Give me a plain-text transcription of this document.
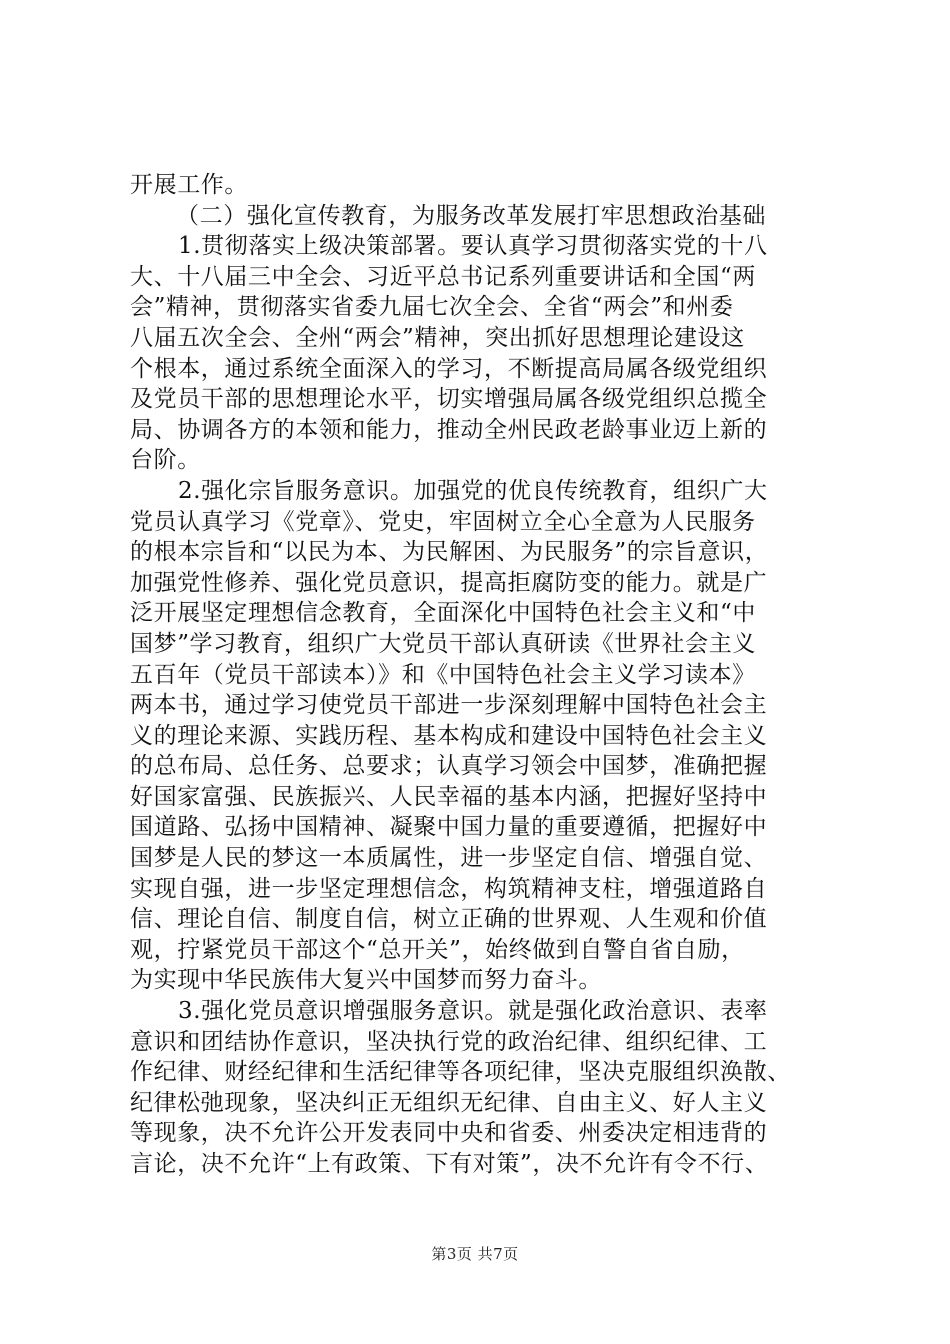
开展工作。
（二）强化宣传教育，为服务改革发展打牢思想政治基础
1.贯彻落实上级决策部署。要认真学习贯彻落实党的十八
大、十八届三中全会、习近平总书记系列重要讲话和全国“两
会”精神，贯彻落实省委九届七次全会、全省“两会”和州委
八届五次全会、全州“两会”精神，突出抓好思想理论建设这
个根本，通过系统全面深入的学习，不断提高局属各级党组织
及党员干部的思想理论水平，切实增强局属各级党组织总揽全
局、协调各方的本领和能力，推动全州民政老龄事业迈上新的
台阶。
2.强化宗旨服务意识。加强党的优良传统教育，组织广大
党员认真学习《党章》、党史，牢固树立全心全意为人民服务
的根本宗旨和“以民为本、为民解困、为民服务”的宗旨意识，
加强党性修养、强化党员意识，提高拒腐防变的能力。就是广
泛开展坚定理想信念教育，全面深化中国特色社会主义和“中
国梦”学习教育，组织广大党员干部认真研读《世界社会主义
五百年（党员干部读本）》和《中国特色社会主义学习读本》
两本书，通过学习使党员干部进一步深刻理解中国特色社会主
义的理论来源、实践历程、基本构成和建设中国特色社会主义
的总布局、总任务、总要求；认真学习领会中国梦，准确把握
好国家富强、民族振兴、人民幸福的基本内涵，把握好坚持中
国道路、弘扬中国精神、凝聚中国力量的重要遵循，把握好中
国梦是人民的梦这一本质属性，进一步坚定自信、增强自觉、
实现自强，进一步坚定理想信念，构筑精神支柱，增强道路自
信、理论自信、制度自信，树立正确的世界观、人生观和价值
观，拧紧党员干部这个“总开关”，始终做到自警自省自励，
为实现中华民族伟大复兴中国梦而努力奋斗。
3.强化党员意识增强服务意识。就是强化政治意识、表率
意识和团结协作意识，坚决执行党的政治纪律、组织纪律、工
作纪律、财经纪律和生活纪律等各项纪律，坚决克服组织涣散、
纪律松弛现象，坚决纠正无组织无纪律、自由主义、好人主义
等现象，决不允许公开发表同中央和省委、州委决定相违背的
言论，决不允许“上有政策、下有对策”，决不允许有令不行、
第3页 共7页
